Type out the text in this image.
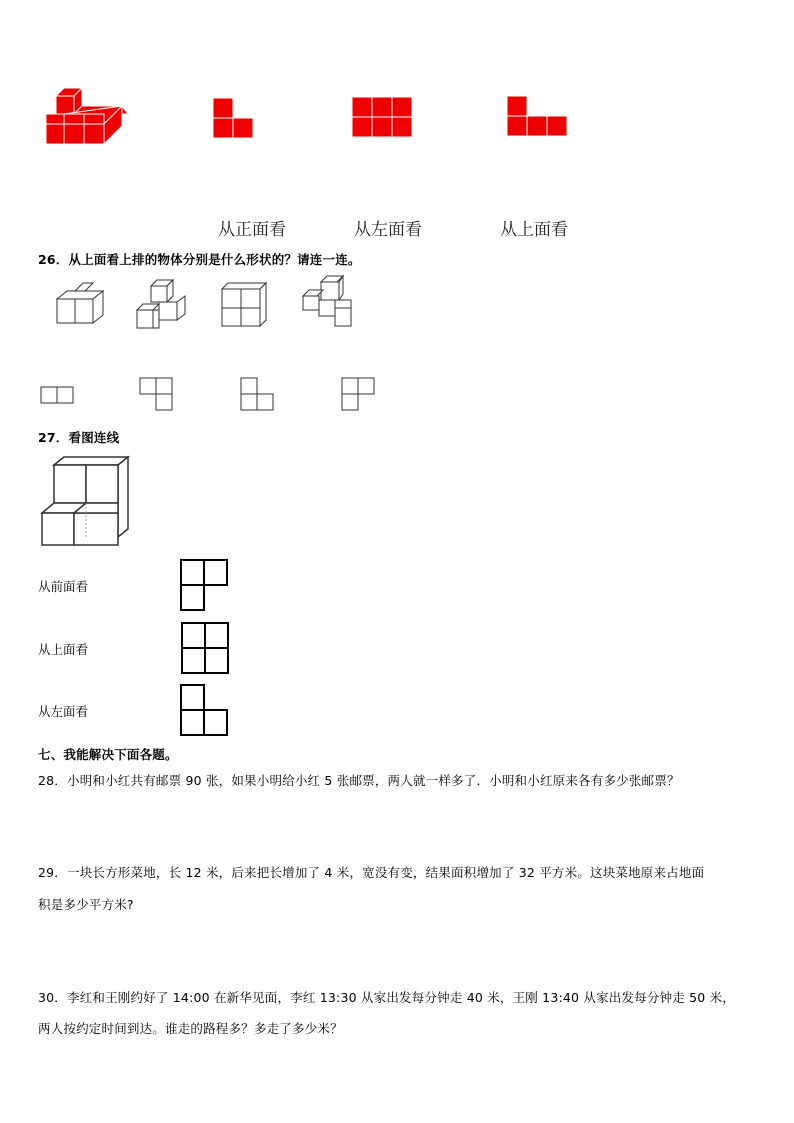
从正面看	从左面看	从上面看
26．从上面看上排的物体分别是什么形状的？请连一连。
27．看图连线
从前面看
从上面看
从左面看
七、我能解决下面各题。
28．小明和小红共有邮票 90 张，如果小明给小红 5 张邮票，两人就一样多了．小明和小红原来各有多少张邮票？
29．一块长方形菜地，长 12 米，后来把长增加了 4 米，宽没有变，结果面积增加了 32 平方米。这块菜地原来占地面
积是多少平方米?
30．李红和王刚约好了 14:00 在新华见面，李红 13:30 从家出发每分钟走 40 米，王刚 13:40 从家出发每分钟走 50 米，
两人按约定时间到达。谁走的路程多？多走了多少米？
